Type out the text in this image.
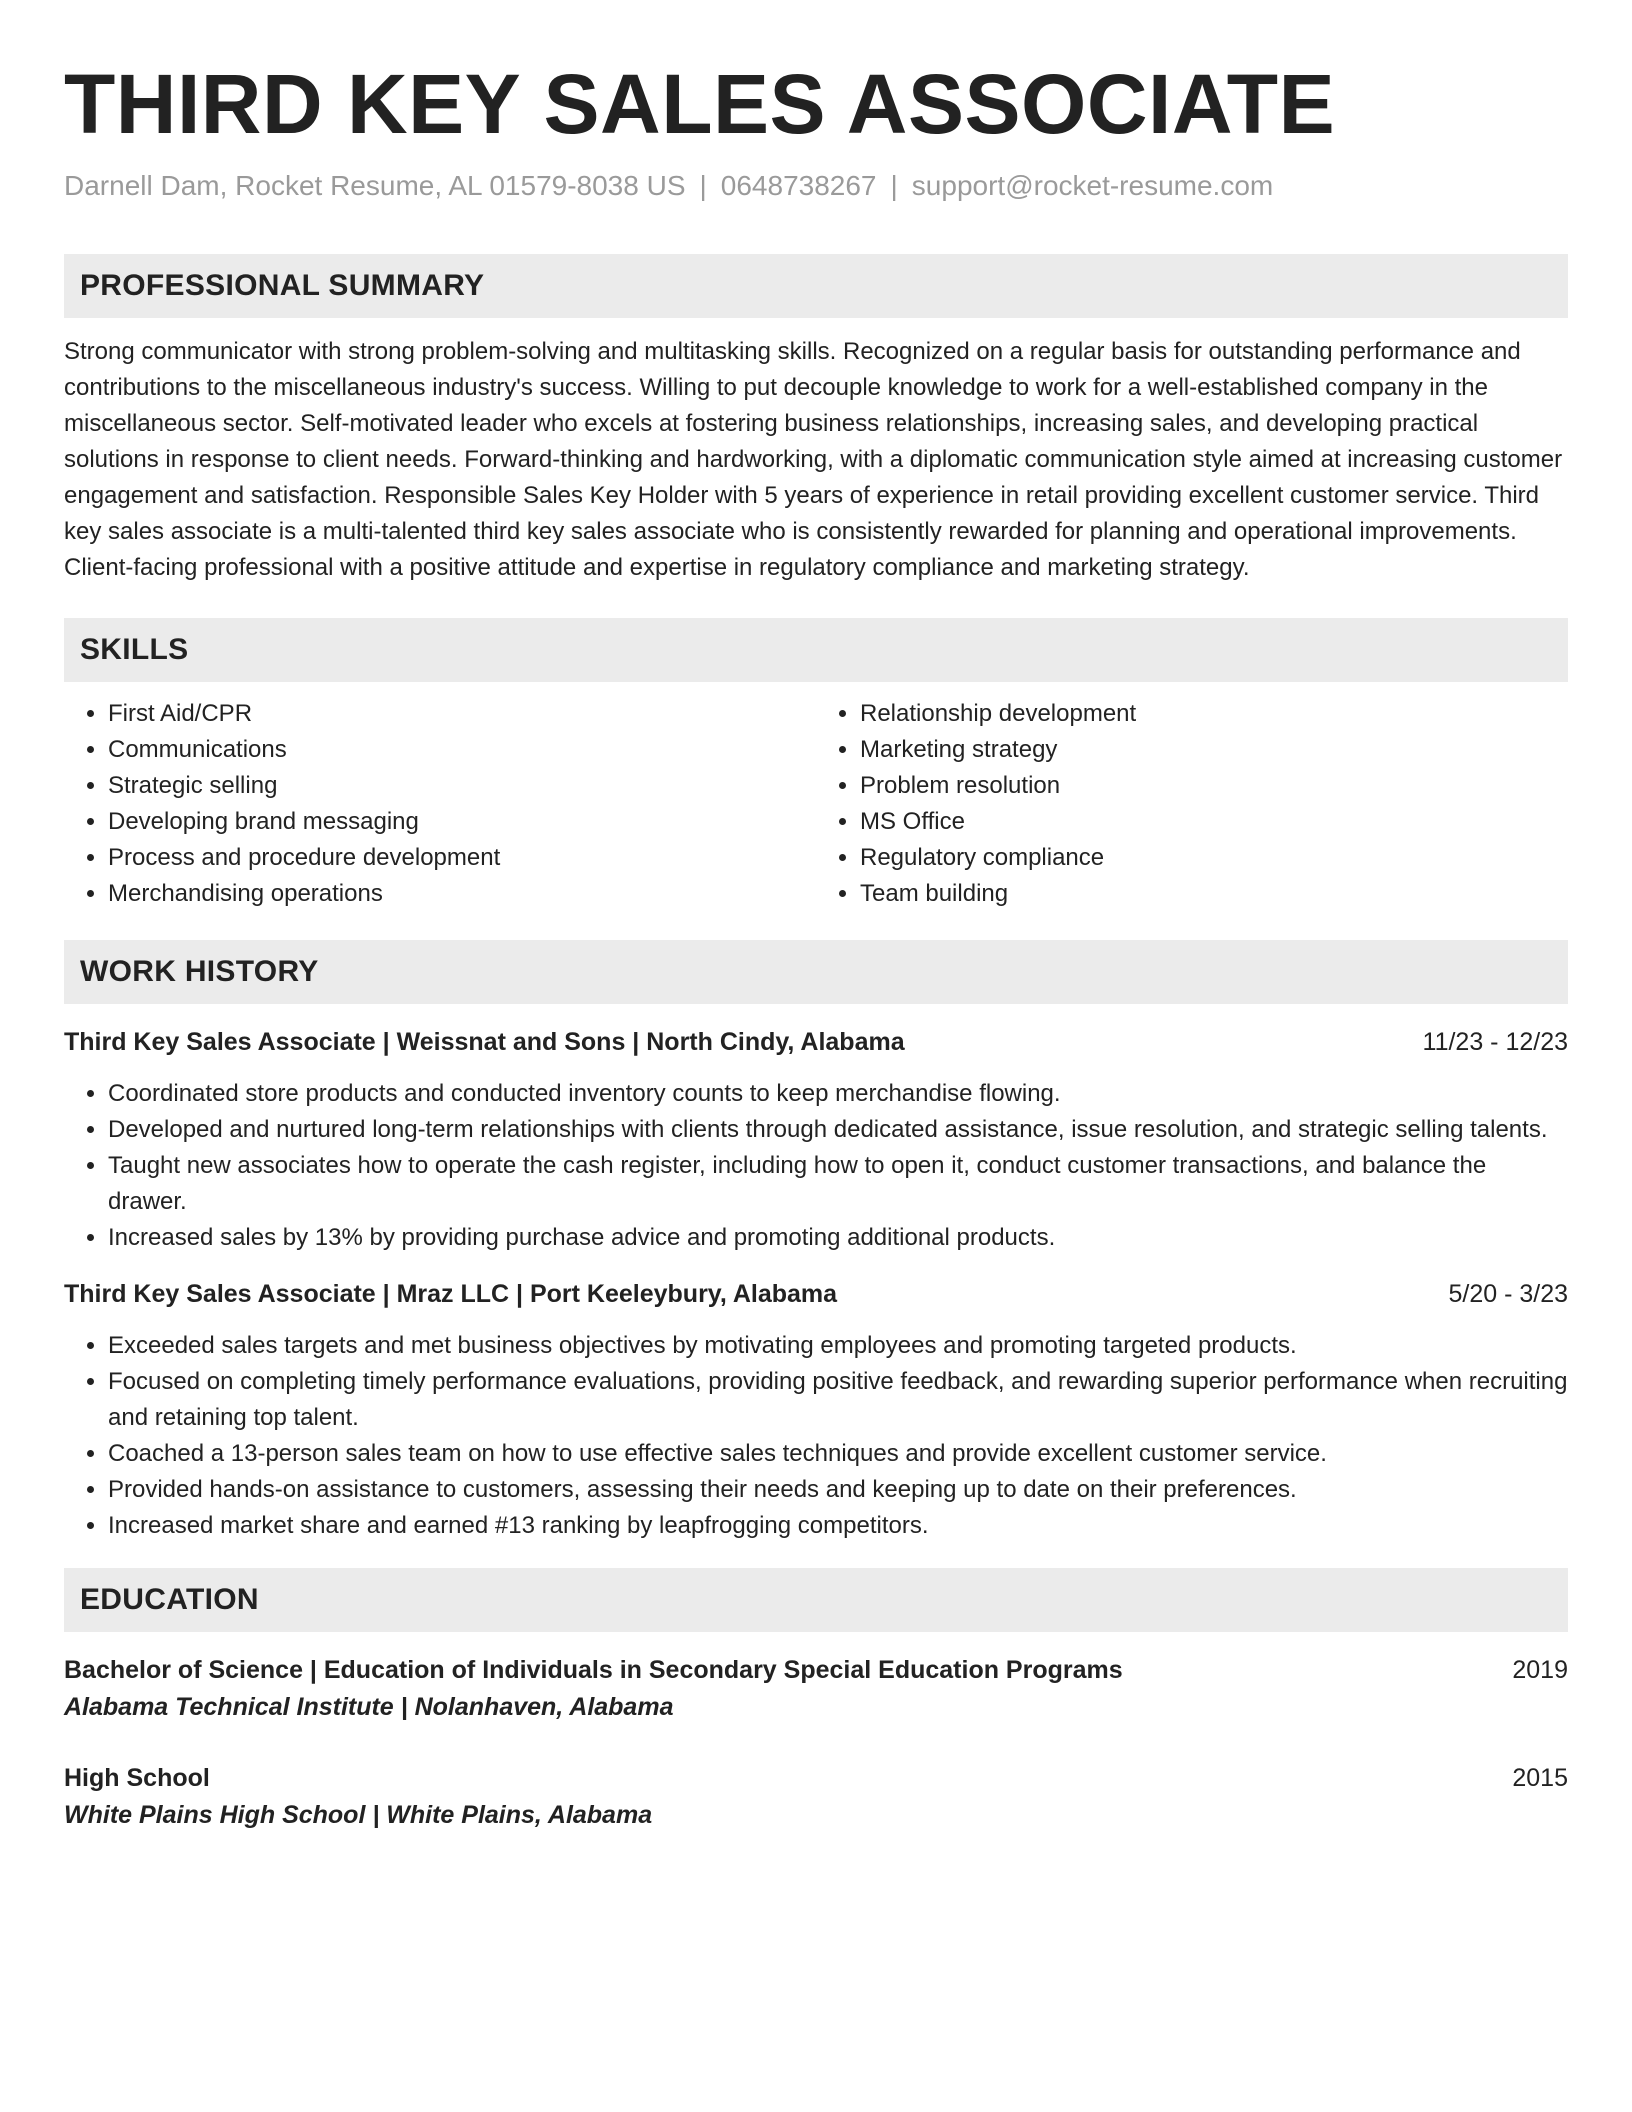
THIRD KEY SALES ASSOCIATE
Darnell Dam, Rocket Resume, AL 01579-8038 US | 0648738267 | support@rocket-resume.com
PROFESSIONAL SUMMARY

Strong communicator with strong problem-solving and multitasking skills. Recognized on a regular basis for outstanding performance and contributions to the miscellaneous industry's success. Willing to put decouple knowledge to work for a well-established company in the miscellaneous sector. Self-motivated leader who excels at fostering business relationships, increasing sales, and developing practical solutions in response to client needs. Forward-thinking and hardworking, with a diplomatic communication style aimed at increasing customer engagement and satisfaction. Responsible Sales Key Holder with 5 years of experience in retail providing excellent customer service. Third key sales associate is a multi-talented third key sales associate who is consistently rewarded for planning and operational improvements. Client-facing professional with a positive attitude and expertise in regulatory compliance and marketing strategy.

SKILLS
• First Aid/CPR
• Communications
• Strategic selling
• Developing brand messaging
• Process and procedure development
• Merchandising operations
• Relationship development
• Marketing strategy
• Problem resolution
• MS Office
• Regulatory compliance
• Team building
WORK HISTORY
Third Key Sales Associate | Weissnat and Sons | North Cindy, Alabama	11/23 - 12/23
• Coordinated store products and conducted inventory counts to keep merchandise flowing.
• Developed and nurtured long-term relationships with clients through dedicated assistance, issue resolution, and strategic selling talents.
• Taught new associates how to operate the cash register, including how to open it, conduct customer transactions, and balance the drawer.
• Increased sales by 13% by providing purchase advice and promoting additional products.
Third Key Sales Associate | Mraz LLC | Port Keeleybury, Alabama	5/20 - 3/23
• Exceeded sales targets and met business objectives by motivating employees and promoting targeted products.
• Focused on completing timely performance evaluations, providing positive feedback, and rewarding superior performance when recruiting and retaining top talent.
• Coached a 13-person sales team on how to use effective sales techniques and provide excellent customer service.
• Provided hands-on assistance to customers, assessing their needs and keeping up to date on their preferences.
• Increased market share and earned #13 ranking by leapfrogging competitors.
EDUCATION
Bachelor of Science | Education of Individuals in Secondary Special Education Programs	2019
Alabama Technical Institute | Nolanhaven, Alabama
High School	2015
White Plains High School | White Plains, Alabama
